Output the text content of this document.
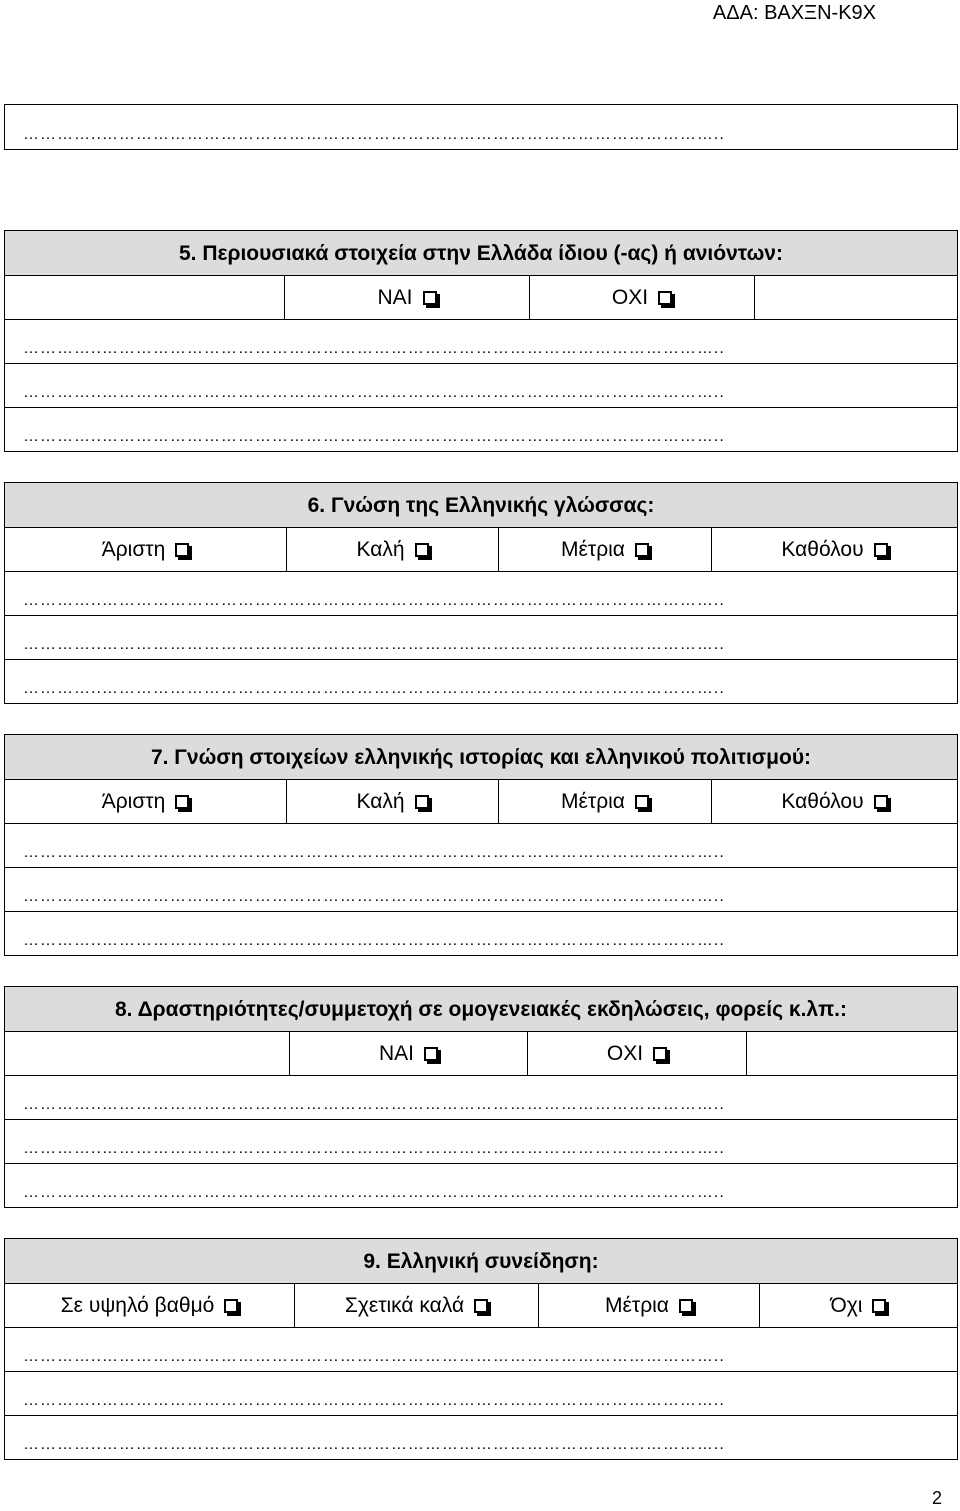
ΑΔΑ: ΒΑΧΞΝ-Κ9Χ
…………..………………………………………………………………………………………………..
5. Περιουσιακά στοιχεία στην Ελλάδα ίδιου (-ας) ή ανιόντων:
ΝΑΙ	ΟΧΙ
…………..………………………………………………………………………………………………..
…………..………………………………………………………………………………………………..
…………..………………………………………………………………………………………………..
6. Γνώση της Ελληνικής γλώσσας:
Άριστη	Καλή	Μέτρια	Καθόλου
…………..………………………………………………………………………………………………..
…………..………………………………………………………………………………………………..
…………..………………………………………………………………………………………………..
7. Γνώση στοιχείων ελληνικής ιστορίας και ελληνικού πολιτισμού:
Άριστη	Καλή	Μέτρια	Καθόλου
…………..………………………………………………………………………………………………..
…………..………………………………………………………………………………………………..
…………..………………………………………………………………………………………………..
8. Δραστηριότητες/συμμετοχή σε ομογενειακές εκδηλώσεις, φορείς κ.λπ.:
ΝΑΙ	ΟΧΙ
…………..………………………………………………………………………………………………..
…………..………………………………………………………………………………………………..
…………..………………………………………………………………………………………………..
9. Ελληνική συνείδηση:
Σε υψηλό βαθμό	Σχετικά καλά	Μέτρια	Όχι
…………..………………………………………………………………………………………………..
…………..………………………………………………………………………………………………..
…………..………………………………………………………………………………………………..
2
